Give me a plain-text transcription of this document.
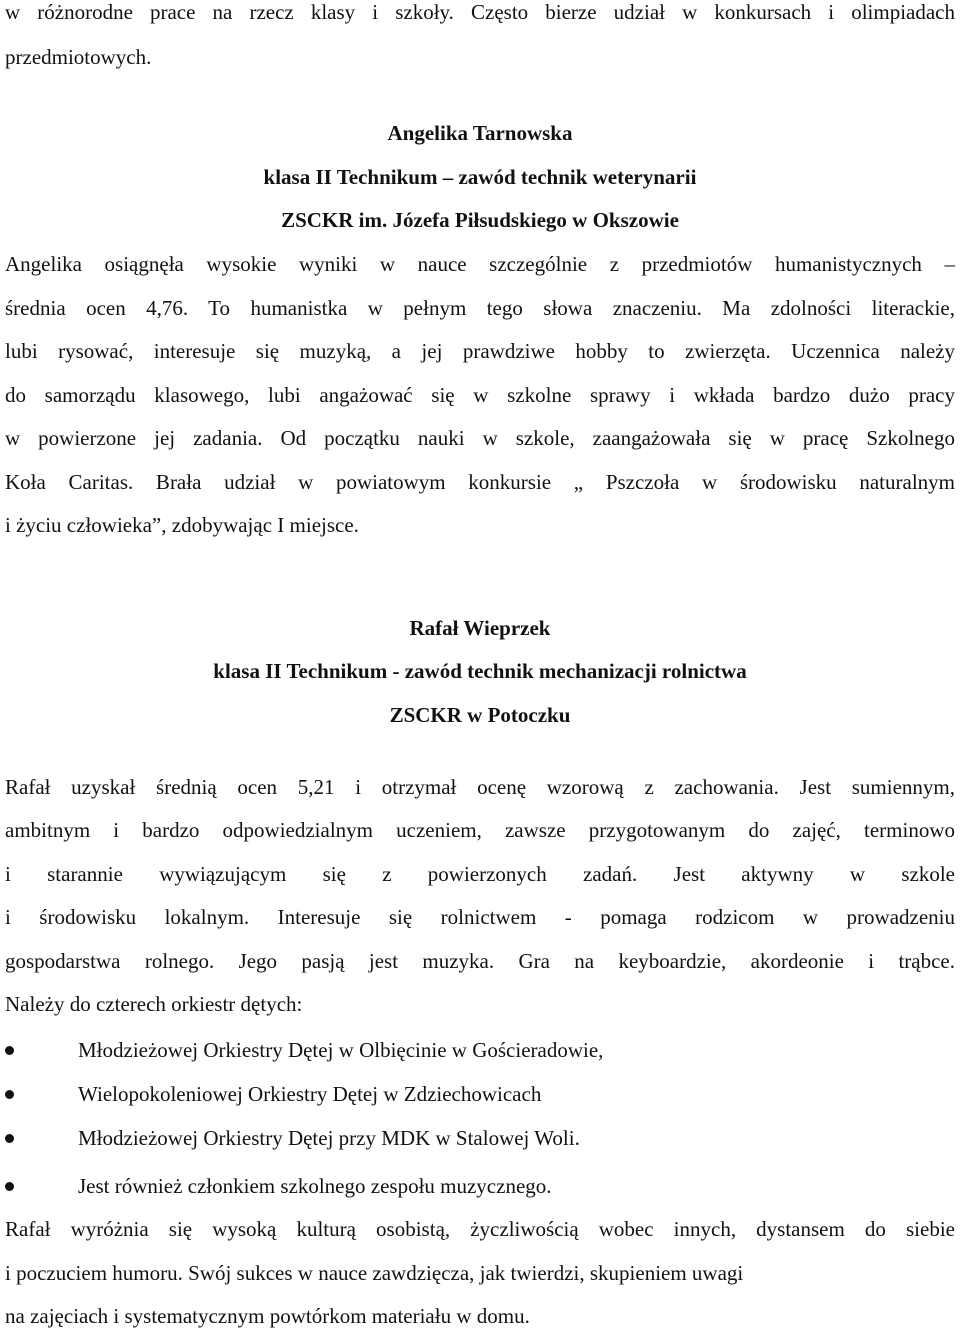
w różnorodne prace na rzecz klasy i szkoły. Często bierze udział w konkursach i olimpiadach

przedmiotowych.

Angelika Tarnowska

klasa II Technikum – zawód technik weterynarii

ZSCKR im. Józefa Piłsudskiego w Okszowie

Angelika osiągnęła wysokie wyniki w nauce szczególnie z przedmiotów humanistycznych –

średnia ocen 4,76. To humanistka w pełnym tego słowa znaczeniu. Ma zdolności literackie,

lubi rysować, interesuje się muzyką, a jej prawdziwe hobby to zwierzęta. Uczennica należy

do samorządu klasowego, lubi angażować się w szkolne sprawy i wkłada bardzo dużo pracy

w powierzone jej zadania. Od początku nauki w szkole, zaangażowała się w pracę Szkolnego

Koła Caritas. Brała udział w powiatowym konkursie „ Pszczoła w środowisku naturalnym

i życiu człowieka”, zdobywając I miejsce.

Rafał Wieprzek

klasa II Technikum - zawód technik mechanizacji rolnictwa

ZSCKR w Potoczku

Rafał uzyskał średnią ocen 5,21 i otrzymał ocenę wzorową z zachowania. Jest sumiennym,

ambitnym i bardzo odpowiedzialnym uczeniem, zawsze przygotowanym do zajęć, terminowo

i starannie wywiązującym się z powierzonych zadań. Jest aktywny w szkole

i środowisku lokalnym. Interesuje się rolnictwem - pomaga rodzicom w prowadzeniu

gospodarstwa rolnego. Jego pasją jest muzyka. Gra na keyboardzie, akordeonie i trąbce.

Należy do czterech orkiestr dętych:

Młodzieżowej Orkiestry Dętej w Olbięcinie w Gościeradowie,

Wielopokoleniowej Orkiestry Dętej w Zdziechowicach

Młodzieżowej Orkiestry Dętej przy MDK w Stalowej Woli.

Jest również członkiem szkolnego zespołu muzycznego.

Rafał wyróżnia się wysoką kulturą osobistą, życzliwością wobec innych, dystansem do siebie

i poczuciem humoru. Swój sukces w nauce zawdzięcza, jak twierdzi, skupieniem uwagi

na zajęciach i systematycznym powtórkom materiału w domu.
